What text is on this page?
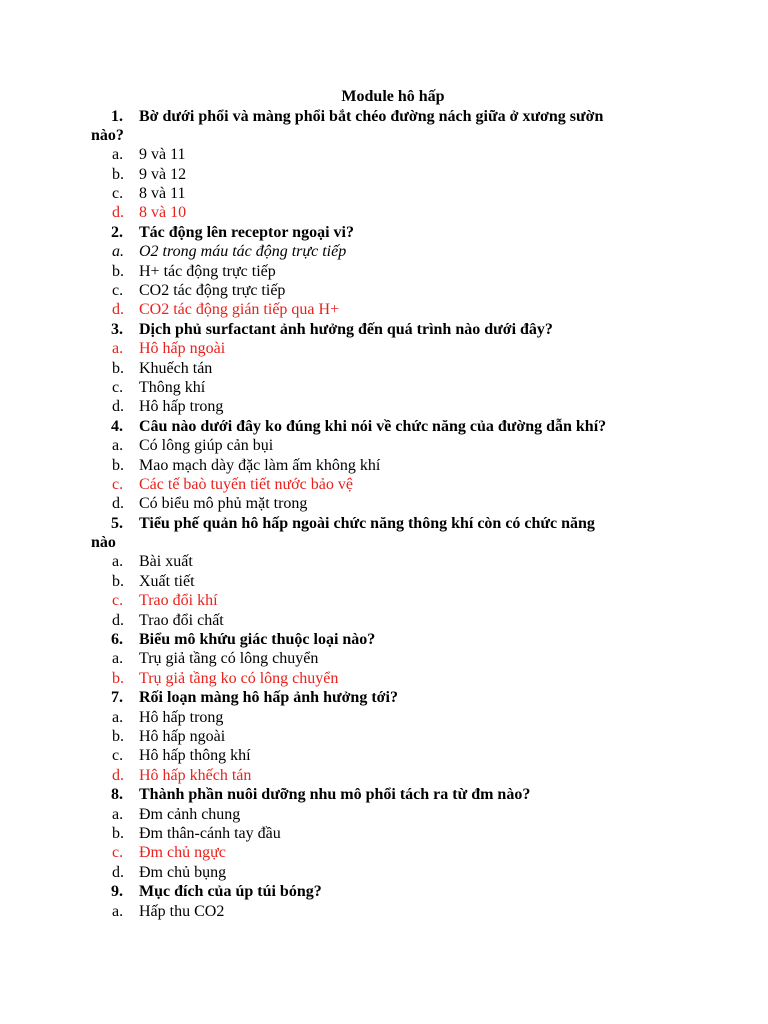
Module hô hấp
1. Bờ dưới phổi và màng phổi bắt chéo đường nách giữa ở xương sườn
nào?
a. 9 và 11
b. 9 và 12
c. 8 và 11
d. 8 và 10
2. Tác động lên receptor ngoại vi?
a. O2 trong máu tác động trực tiếp
b. H+ tác động trực tiếp
c. CO2 tác động trực tiếp
d. CO2 tác động gián tiếp qua H+
3. Dịch phủ surfactant ảnh hưởng đến quá trình nào dưới đây?
a. Hô hấp ngoài
b. Khuếch tán
c. Thông khí
d. Hô hấp trong
4. Câu nào dưới đây ko đúng khi nói về chức năng của đường dẫn khí?
a. Có lông giúp cản bụi
b. Mao mạch dày đặc làm ấm không khí
c. Các tế baò tuyến tiết nước bảo vệ
d. Có biểu mô phủ mặt trong
5. Tiểu phế quản hô hấp ngoài chức năng thông khí còn có chức năng
nào
a. Bài xuất
b. Xuất tiết
c. Trao đổi khí
d. Trao đổi chất
6. Biểu mô khứu giác thuộc loại nào?
a. Trụ giả tầng có lông chuyển
b. Trụ giả tầng ko có lông chuyển
7. Rối loạn màng hô hấp ảnh hưởng tới?
a. Hô hấp trong
b. Hô hấp ngoài
c. Hô hấp thông khí
d. Hô hấp khếch tán
8. Thành phần nuôi dưỡng nhu mô phổi tách ra từ đm nào?
a. Đm cảnh chung
b. Đm thân-cánh tay đầu
c. Đm chủ ngực
d. Đm chủ bụng
9. Mục đích của úp túi bóng?
a. Hấp thu CO2
